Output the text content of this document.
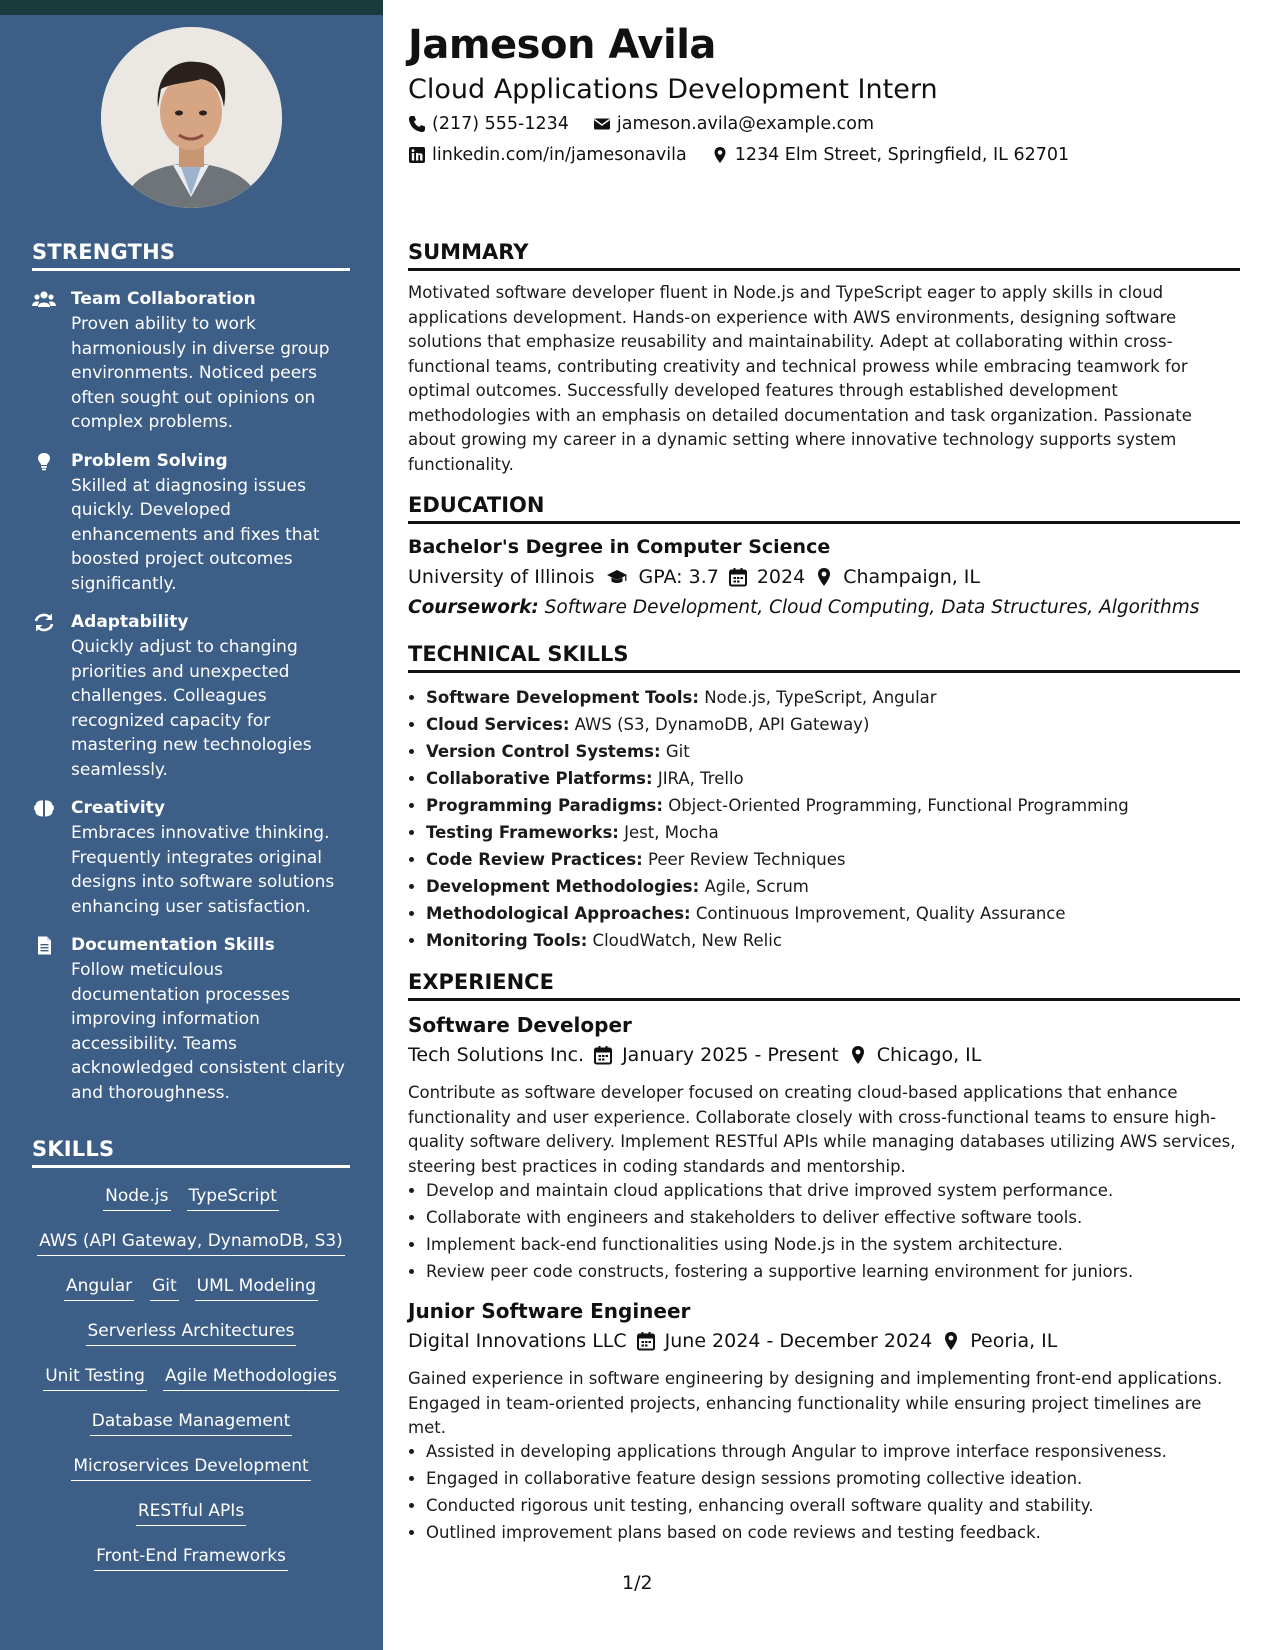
STRENGTHS
Team Collaboration
Proven ability to work harmoniously in diverse group environments. Noticed peers often sought out opinions on complex problems.
Problem Solving
Skilled at diagnosing issues quickly. Developed enhancements and fixes that boosted project outcomes significantly.
Adaptability
Quickly adjust to changing priorities and unexpected challenges. Colleagues recognized capacity for mastering new technologies seamlessly.
Creativity
Embraces innovative thinking. Frequently integrates original designs into software solutions enhancing user satisfaction.
Documentation Skills
Follow meticulous documentation processes improving information accessibility. Teams acknowledged consistent clarity and thoroughness.
SKILLS
Node.js TypeScript
AWS (API Gateway, DynamoDB, S3)
Angular Git UML Modeling
Serverless Architectures
Unit Testing Agile Methodologies
Database Management
Microservices Development
RESTful APIs
Front-End Frameworks
Jameson Avila
Cloud Applications Development Intern
(217) 555-1234	jameson.avila@example.com
linkedin.com/in/jamesonavila	1234 Elm Street, Springfield, IL 62701
SUMMARY
Motivated software developer fluent in Node.js and TypeScript eager to apply skills in cloud applications development. Hands-on experience with AWS environments, designing software solutions that emphasize reusability and maintainability. Adept at collaborating within cross-functional teams, contributing creativity and technical prowess while embracing teamwork for optimal outcomes. Successfully developed features through established development methodologies with an emphasis on detailed documentation and task organization. Passionate about growing my career in a dynamic setting where innovative technology supports system functionality.
EDUCATION
Bachelor's Degree in Computer Science
University of Illinois GPA: 3.7 2024 Champaign, IL
Coursework: Software Development, Cloud Computing, Data Structures, Algorithms
TECHNICAL SKILLS
• Software Development Tools: Node.js, TypeScript, Angular
• Cloud Services: AWS (S3, DynamoDB, API Gateway)
• Version Control Systems: Git
• Collaborative Platforms: JIRA, Trello
• Programming Paradigms: Object-Oriented Programming, Functional Programming
• Testing Frameworks: Jest, Mocha
• Code Review Practices: Peer Review Techniques
• Development Methodologies: Agile, Scrum
• Methodological Approaches: Continuous Improvement, Quality Assurance
• Monitoring Tools: CloudWatch, New Relic
EXPERIENCE
Software Developer
Tech Solutions Inc. January 2025 - Present Chicago, IL
Contribute as software developer focused on creating cloud-based applications that enhance functionality and user experience. Collaborate closely with cross-functional teams to ensure high-quality software delivery. Implement RESTful APIs while managing databases utilizing AWS services, steering best practices in coding standards and mentorship.
• Develop and maintain cloud applications that drive improved system performance.
• Collaborate with engineers and stakeholders to deliver effective software tools.
• Implement back-end functionalities using Node.js in the system architecture.
• Review peer code constructs, fostering a supportive learning environment for juniors.
Junior Software Engineer
Digital Innovations LLC June 2024 - December 2024 Peoria, IL
Gained experience in software engineering by designing and implementing front-end applications. Engaged in team-oriented projects, enhancing functionality while ensuring project timelines are met.
• Assisted in developing applications through Angular to improve interface responsiveness.
• Engaged in collaborative feature design sessions promoting collective ideation.
• Conducted rigorous unit testing, enhancing overall software quality and stability.
• Outlined improvement plans based on code reviews and testing feedback.
1/2
